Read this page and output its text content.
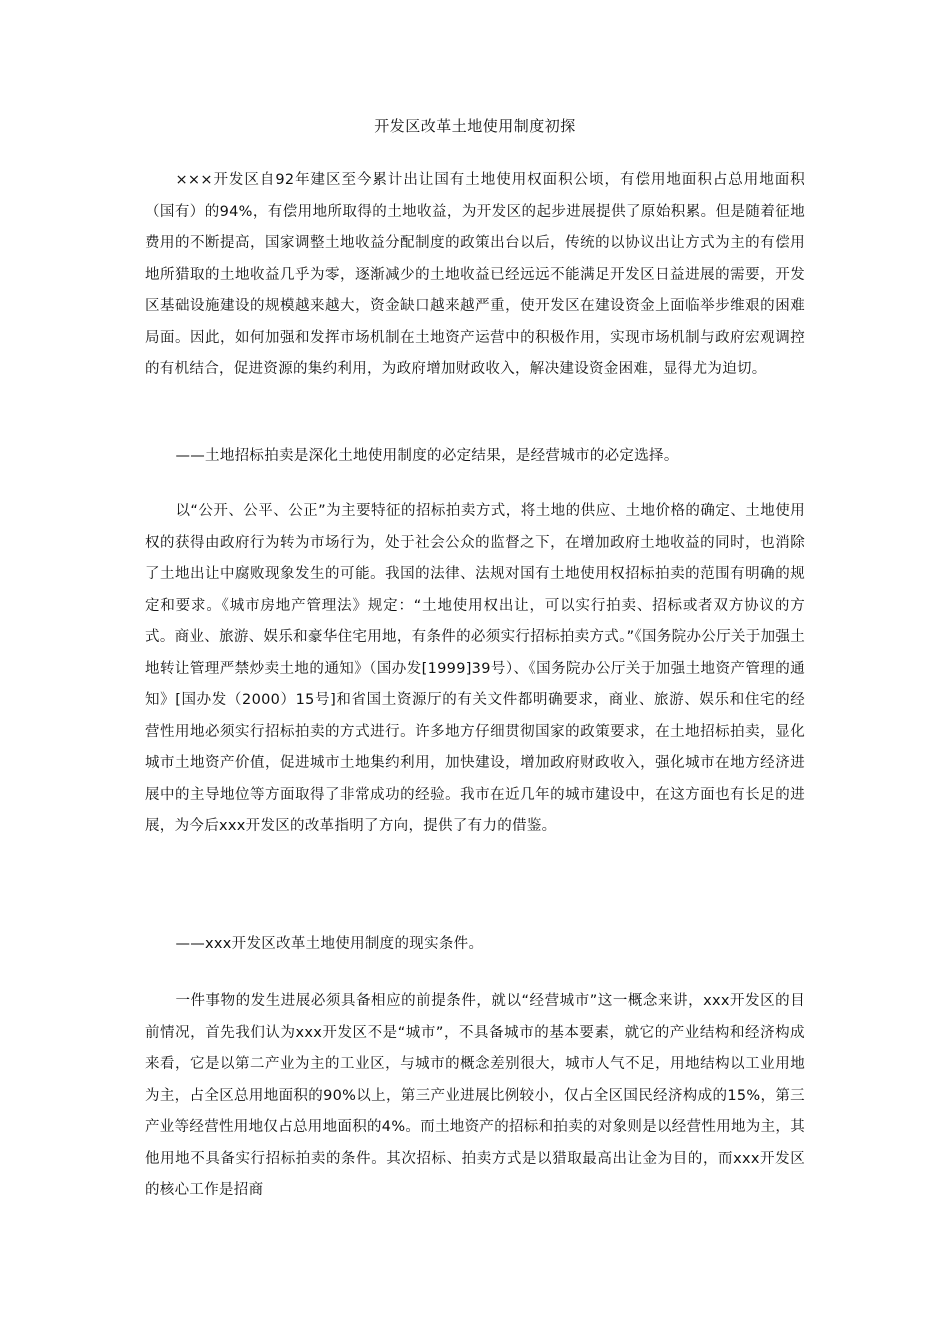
开发区改革土地使用制度初探

×××开发区自92年建区至今累计出让国有土地使用权面积公顷，有偿用地面积占总用地面积（国有）的94%，有偿用地所取得的土地收益，为开发区的起步进展提供了原始积累。但是随着征地费用的不断提高，国家调整土地收益分配制度的政策出台以后，传统的以协议出让方式为主的有偿用地所猎取的土地收益几乎为零，逐渐减少的土地收益已经远远不能满足开发区日益进展的需要，开发区基础设施建设的规模越来越大，资金缺口越来越严重，使开发区在建设资金上面临举步维艰的困难局面。因此，如何加强和发挥市场机制在土地资产运营中的积极作用，实现市场机制与政府宏观调控的有机结合，促进资源的集约利用，为政府增加财政收入，解决建设资金困难，显得尤为迫切。

——土地招标拍卖是深化土地使用制度的必定结果，是经营城市的必定选择。

以“公开、公平、公正”为主要特征的招标拍卖方式，将土地的供应、土地价格的确定、土地使用权的获得由政府行为转为市场行为，处于社会公众的监督之下，在增加政府土地收益的同时，也消除了土地出让中腐败现象发生的可能。我国的法律、法规对国有土地使用权招标拍卖的范围有明确的规定和要求。《城市房地产管理法》规定：“土地使用权出让，可以实行拍卖、招标或者双方协议的方式。商业、旅游、娱乐和豪华住宅用地，有条件的必须实行招标拍卖方式。”《国务院办公厅关于加强土地转让管理严禁炒卖土地的通知》（国办发[1999]39号）、《国务院办公厅关于加强土地资产管理的通知》[国办发（2000）15号]和省国土资源厅的有关文件都明确要求，商业、旅游、娱乐和住宅的经营性用地必须实行招标拍卖的方式进行。许多地方仔细贯彻国家的政策要求，在土地招标拍卖，显化城市土地资产价值，促进城市土地集约利用，加快建设，增加政府财政收入，强化城市在地方经济进展中的主导地位等方面取得了非常成功的经验。我市在近几年的城市建设中，在这方面也有长足的进展，为今后xxx开发区的改革指明了方向，提供了有力的借鉴。

——xxx开发区改革土地使用制度的现实条件。

一件事物的发生进展必须具备相应的前提条件，就以“经营城市”这一概念来讲，xxx开发区的目前情况，首先我们认为xxx开发区不是“城市”，不具备城市的基本要素，就它的产业结构和经济构成来看，它是以第二产业为主的工业区，与城市的概念差别很大，城市人气不足，用地结构以工业用地为主，占全区总用地面积的90%以上，第三产业进展比例较小，仅占全区国民经济构成的15%，第三产业等经营性用地仅占总用地面积的4%。而土地资产的招标和拍卖的对象则是以经营性用地为主，其他用地不具备实行招标拍卖的条件。其次招标、拍卖方式是以猎取最高出让金为目的，而xxx开发区的核心工作是招商
